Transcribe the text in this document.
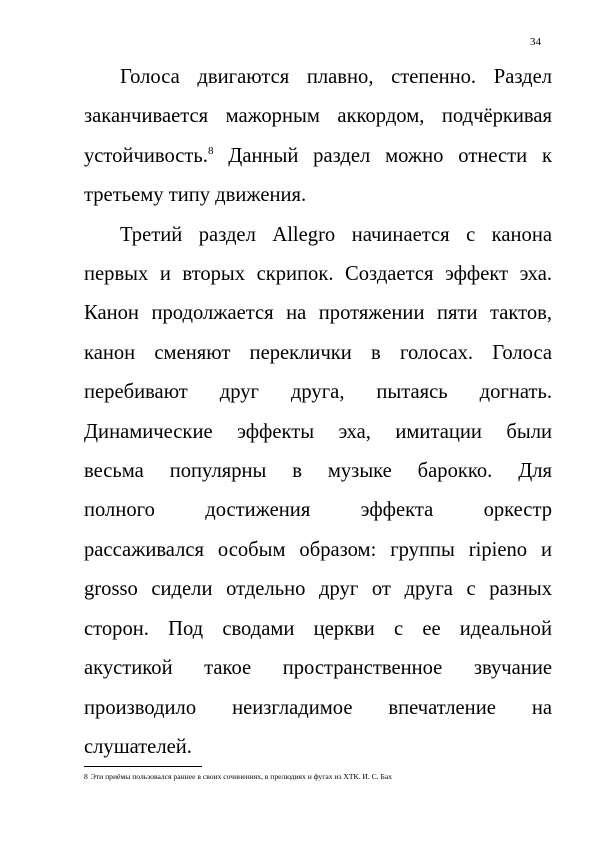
34
Голоса двигаются плавно, степенно. Раздел
заканчивается мажорным аккордом, подчёркивая
устойчивость.$^8$ Данный раздел можно отнести к
третьему типу движения.
Третий раздел Allegro начинается с канона
первых и вторых скрипок. Создается эффект эха.
Канон продолжается на протяжении пяти тактов,
канон сменяют переклички в голосах. Голоса
перебивают друг друга, пытаясь догнать.
Динамические эффекты эха, имитации были
весьма популярны в музыке барокко. Для
полного достижения эффекта оркестр
рассаживался особым образом: группы ripieno и
grosso сидели отдельно друг от друга с разных
сторон. Под сводами церкви с ее идеальной
акустикой такое пространственное звучание
производило неизгладимое впечатление на
слушателей.
8 Эти приёмы пользовался раннее в своих сочинениях, в прелюдиях и фугах из ХТК. И. С. Бах
